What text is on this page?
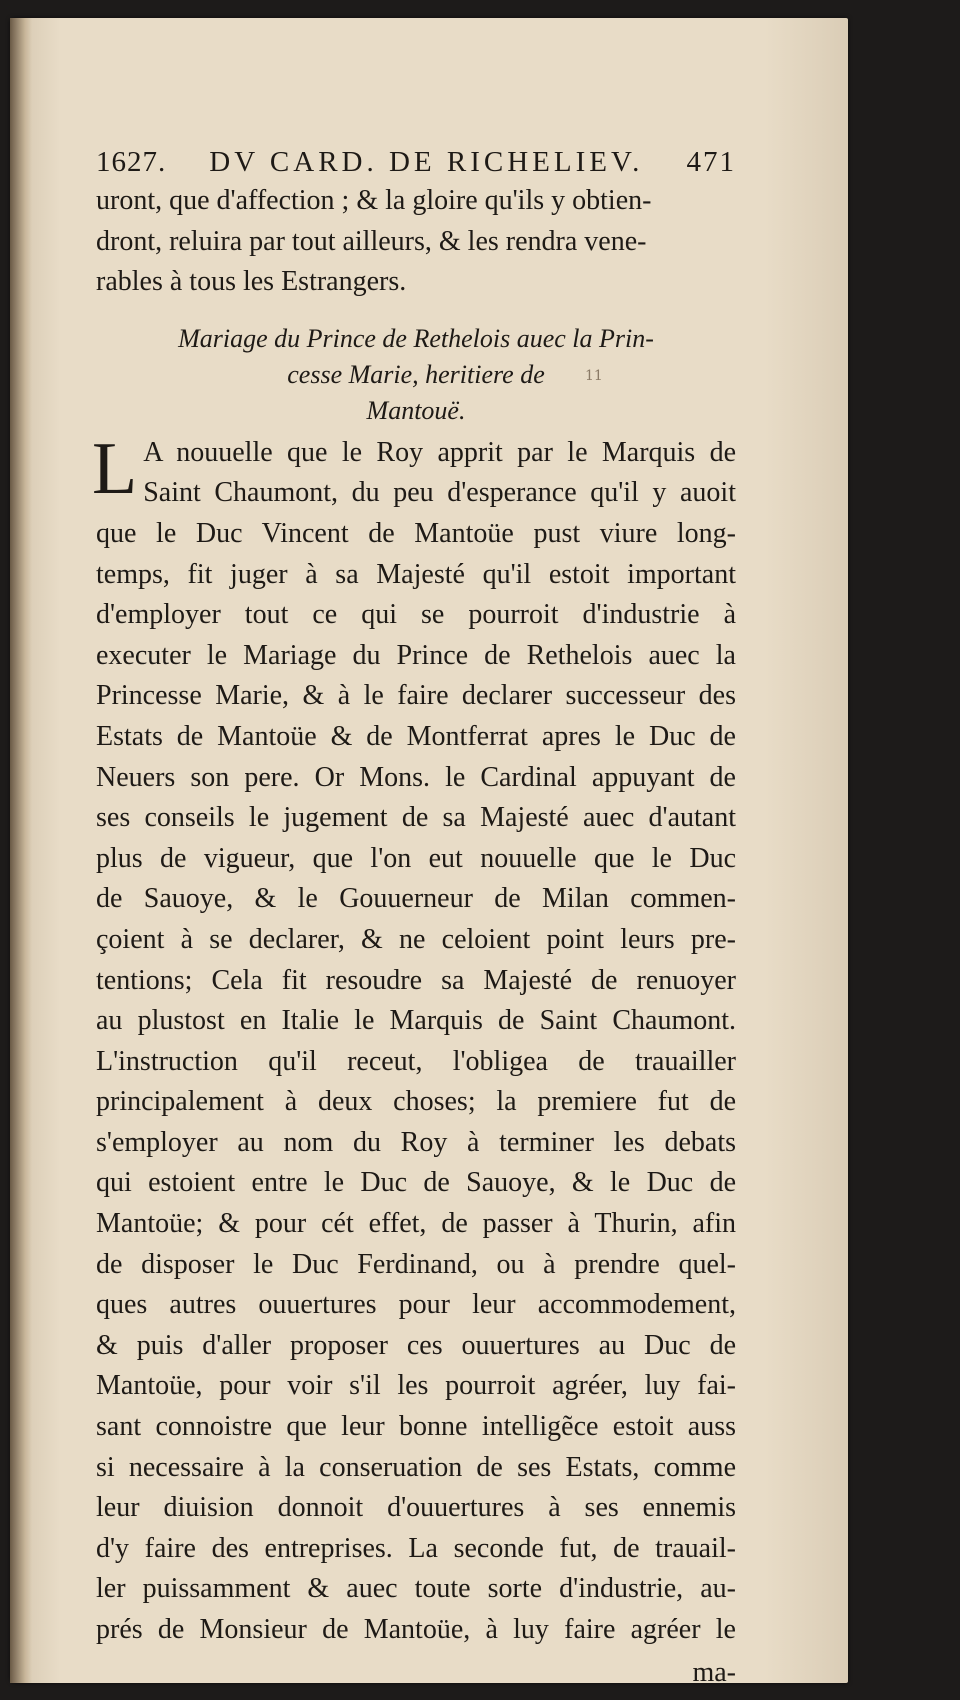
1627.	DV CARD. DE RICHELIEV.	471

uront, que d'affection ; & la gloire qu'ils y obtien-
dront, reluira par tout ailleurs, & les rendra vene-
rables à tous les Estrangers.

Mariage du Prince de Rethelois auec la Prin-
cesse Marie, heritiere de
Mantouë.
L A nouuelle que le Roy apprit par le Marquis de
Saint Chaumont, du peu d'esperance qu'il y auoit
que le Duc Vincent de Mantoüe pust viure long-
temps, fit juger à sa Majesté qu'il estoit important
d'employer tout ce qui se pourroit d'industrie à
executer le Mariage du Prince de Rethelois auec la
Princesse Marie, & à le faire declarer successeur des
Estats de Mantoüe & de Montferrat apres le Duc de
Neuers son pere. Or Mons. le Cardinal appuyant de
ses conseils le jugement de sa Majesté auec d'autant
plus de vigueur, que l'on eut nouuelle que le Duc
de Sauoye, & le Gouuerneur de Milan commen-
çoient à se declarer, & ne celoient point leurs pre-
tentions; Cela fit resoudre sa Majesté de renuoyer
au plustost en Italie le Marquis de Saint Chaumont.
L'instruction qu'il receut, l'obligea de trauailler
principalement à deux choses; la premiere fut de
s'employer au nom du Roy à terminer les debats
qui estoient entre le Duc de Sauoye, & le Duc de
Mantoüe; & pour cét effet, de passer à Thurin, afin
de disposer le Duc Ferdinand, ou à prendre quel-
ques autres ouuertures pour leur accommodement,
& puis d'aller proposer ces ouuertures au Duc de
Mantoüe, pour voir s'il les pourroit agréer, luy fai-
sant connoistre que leur bonne intelligẽce estoit auss
si necessaire à la conseruation de ses Estats, comme
leur diuision donnoit d'ouuertures à ses ennemis
d'y faire des entreprises. La seconde fut, de trauail-
ler puissamment & auec toute sorte d'industrie, au-
prés de Monsieur de Mantoüe, à luy faire agréer le
ma-
11
